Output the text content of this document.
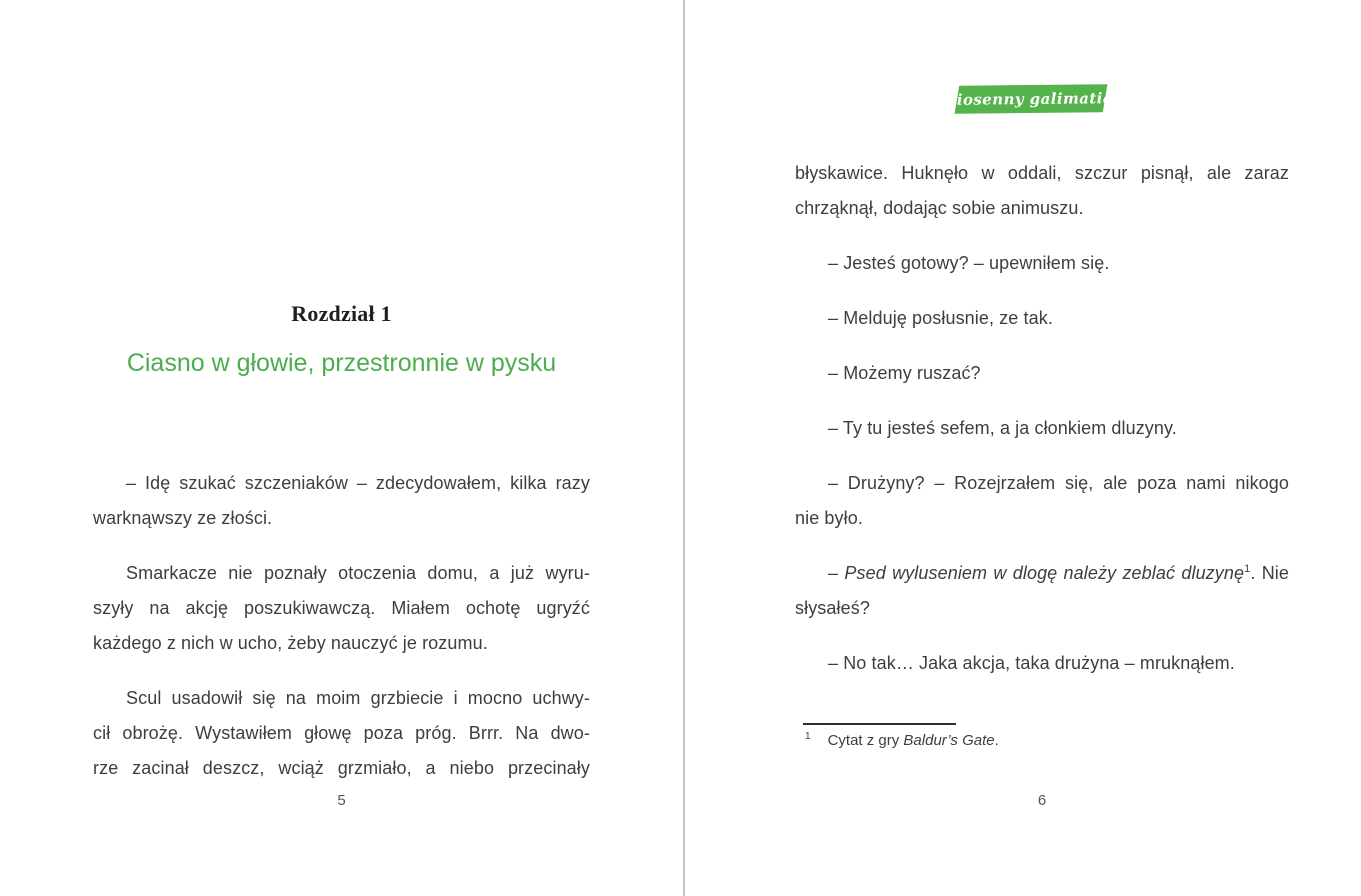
Rozdział 1
Ciasno w głowie, przestronnie w pysku
– Idę szukać szczeniaków – zdecydowałem, kilka razy
warknąwszy ze złości.
Smarkacze nie poznały otoczenia domu, a już wyru-
szyły na akcję poszukiwawczą. Miałem ochotę ugryźć
każdego z nich w ucho, żeby nauczyć je rozumu.
Scul usadowił się na moim grzbiecie i mocno uchwy-
cił obrożę. Wystawiłem głowę poza próg. Brrr. Na dwo-
rze zacinał deszcz, wciąż grzmiało, a niebo przecinały
5
Wiosenny galimatias
błyskawice. Huknęło w oddali, szczur pisnął, ale zaraz
chrząknął, dodając sobie animuszu.
– Jesteś gotowy? – upewniłem się.
– Melduję posłusnie, ze tak.
– Możemy ruszać?
– Ty tu jesteś sefem, a ja cłonkiem dluzyny.
– Drużyny? – Rozejrzałem się, ale poza nami nikogo
nie było.
– Psed wyluseniem w dlogę należy zeblać dluzynę$^1$. Nie
słysałeś?
– No tak… Jaka akcja, taka drużyna – mruknąłem.
$^1$ Cytat z gry Baldur’s Gate.
6
